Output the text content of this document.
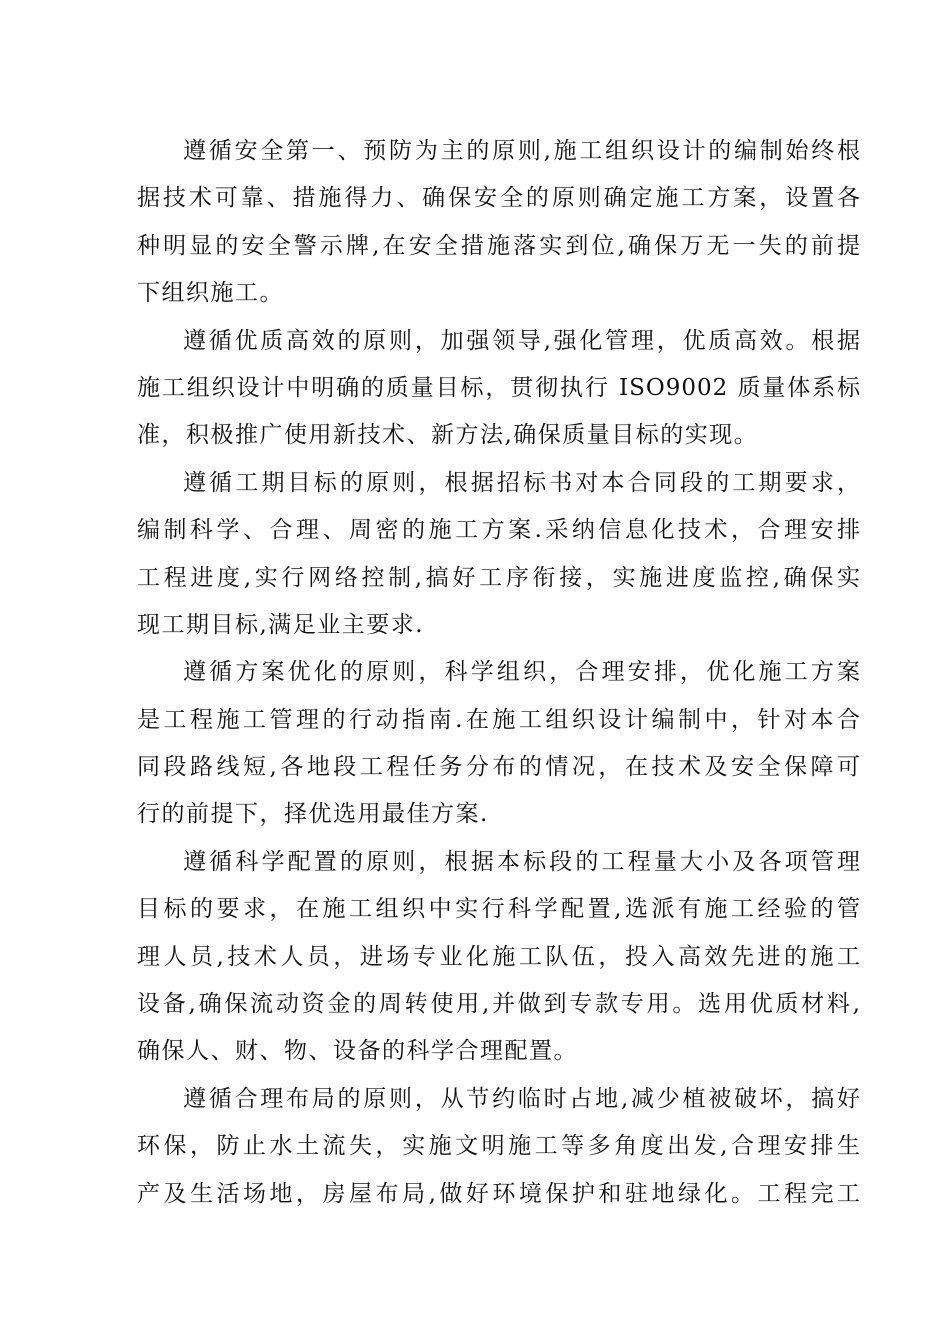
遵循安全第一、预防为主的原则,施工组织设计的编制始终根
据技术可靠、措施得力、确保安全的原则确定施工方案，设置各
种明显的安全警示牌,在安全措施落实到位,确保万无一失的前提
下组织施工。
遵循优质高效的原则，加强领导,强化管理，优质高效。根据
施工组织设计中明确的质量目标，贯彻执行 ISO9002 质量体系标
准，积极推广使用新技术、新方法,确保质量目标的实现。
遵循工期目标的原则，根据招标书对本合同段的工期要求，
编制科学、合理、周密的施工方案.采纳信息化技术，合理安排
工程进度,实行网络控制,搞好工序衔接，实施进度监控,确保实
现工期目标,满足业主要求.
遵循方案优化的原则，科学组织，合理安排，优化施工方案
是工程施工管理的行动指南.在施工组织设计编制中，针对本合
同段路线短,各地段工程任务分布的情况，在技术及安全保障可
行的前提下，择优选用最佳方案.
遵循科学配置的原则，根据本标段的工程量大小及各项管理
目标的要求，在施工组织中实行科学配置,选派有施工经验的管
理人员,技术人员，进场专业化施工队伍，投入高效先进的施工
设备,确保流动资金的周转使用,并做到专款专用。选用优质材料,
确保人、财、物、设备的科学合理配置。
遵循合理布局的原则，从节约临时占地,减少植被破坏，搞好
环保，防止水土流失，实施文明施工等多角度出发,合理安排生
产及生活场地，房屋布局,做好环境保护和驻地绿化。工程完工
